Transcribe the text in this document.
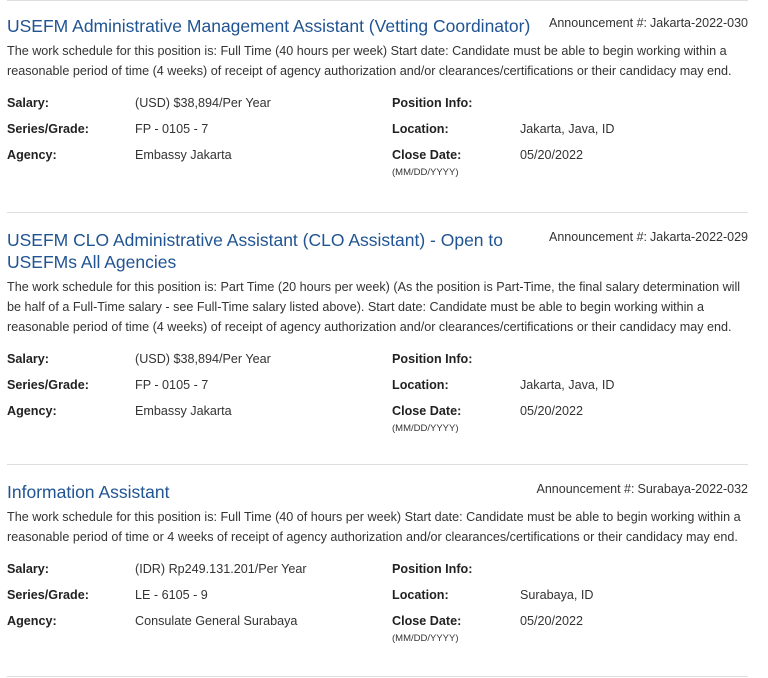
USEFM Administrative Management Assistant (Vetting Coordinator)	Announcement #: Jakarta-2022-030
The work schedule for this position is: Full Time (40 hours per week) Start date: Candidate must be able to begin working within a reasonable period of time (4 weeks) of receipt of agency authorization and/or clearances/certifications or their candidacy may end.
Salary:	(USD) $38,894/Per Year	Position Info:
Series/Grade:	FP - 0105 - 7	Location:	Jakarta, Java, ID
Agency:	Embassy Jakarta	Close Date:	05/20/2022
(MM/DD/YYYY)
USEFM CLO Administrative Assistant (CLO Assistant) - Open to USEFMs All Agencies
Announcement #: Jakarta-2022-029
The work schedule for this position is: Part Time (20 hours per week) (As the position is Part-Time, the final salary determination will be half of a Full-Time salary - see Full-Time salary listed above). Start date: Candidate must be able to begin working within a reasonable period of time (4 weeks) of receipt of agency authorization and/or clearances/certifications or their candidacy may end.
Salary:	(USD) $38,894/Per Year	Position Info:
Series/Grade:	FP - 0105 - 7	Location:	Jakarta, Java, ID
Agency:	Embassy Jakarta	Close Date:	05/20/2022
(MM/DD/YYYY)
Information Assistant	Announcement #: Surabaya-2022-032
The work schedule for this position is: Full Time (40 of hours per week) Start date: Candidate must be able to begin working within a reasonable period of time or 4 weeks of receipt of agency authorization and/or clearances/certifications or their candidacy may end.
Salary:	(IDR) Rp249.131.201/Per Year	Position Info:
Series/Grade:	LE - 6105 - 9	Location:	Surabaya, ID
Agency:	Consulate General Surabaya	Close Date:	05/20/2022
(MM/DD/YYYY)
